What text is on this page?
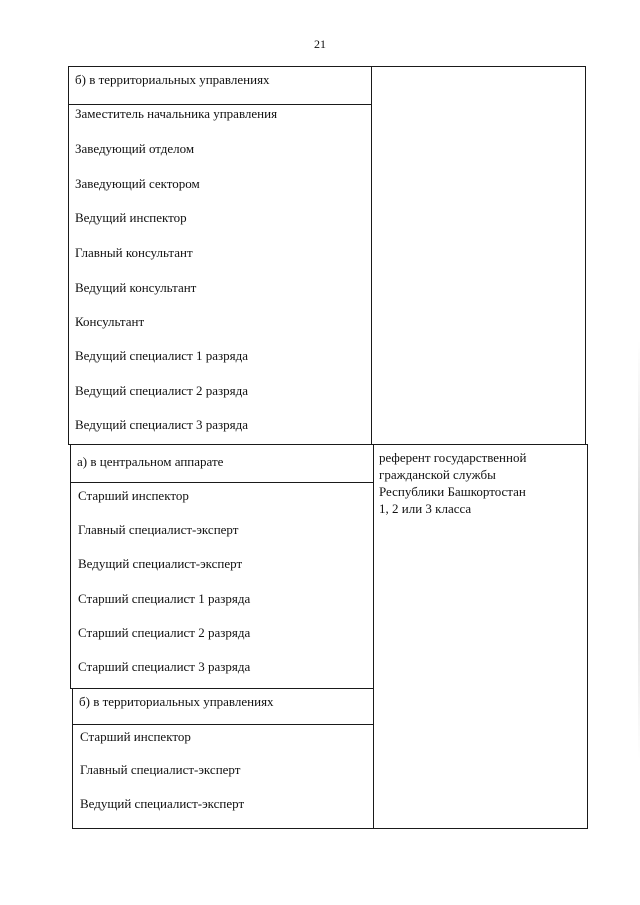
21
б) в территориальных управлениях
Заместитель начальника управления
Заведующий отделом
Заведующий сектором
Ведущий инспектор
Главный консультант
Ведущий консультант
Консультант
Ведущий специалист 1 разряда
Ведущий специалист 2 разряда
Ведущий специалист 3 разряда
а) в центральном аппарате
Старший инспектор
Главный специалист-эксперт
Ведущий специалист-эксперт
Старший специалист 1 разряда
Старший специалист 2 разряда
Старший специалист 3 разряда
референт государственной
гражданской службы
Республики Башкортостан
1, 2 или 3 класса
б) в территориальных управлениях
Старший инспектор
Главный специалист-эксперт
Ведущий специалист-эксперт
